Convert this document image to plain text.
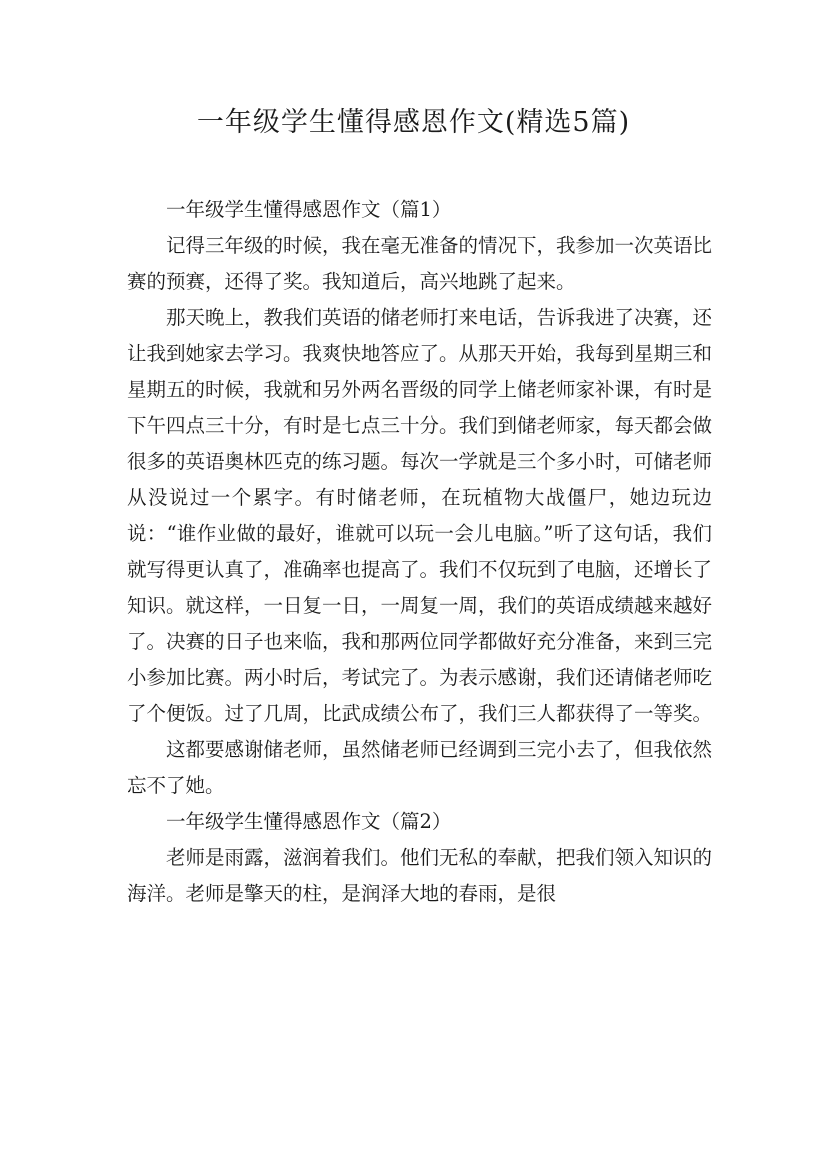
一年级学生懂得感恩作文(精选5篇)

一年级学生懂得感恩作文（篇1）

记得三年级的时候，我在毫无准备的情况下，我参加一次英语比赛的预赛，还得了奖。我知道后，高兴地跳了起来。

那天晚上，教我们英语的储老师打来电话，告诉我进了决赛，还让我到她家去学习。我爽快地答应了。从那天开始，我每到星期三和星期五的时候，我就和另外两名晋级的同学上储老师家补课，有时是下午四点三十分，有时是七点三十分。我们到储老师家，每天都会做很多的英语奥林匹克的练习题。每次一学就是三个多小时，可储老师从没说过一个累字。有时储老师，在玩植物大战僵尸，她边玩边说：“谁作业做的最好，谁就可以玩一会儿电脑。”听了这句话，我们就写得更认真了，准确率也提高了。我们不仅玩到了电脑，还增长了知识。就这样，一日复一日，一周复一周，我们的英语成绩越来越好了。决赛的日子也来临，我和那两位同学都做好充分准备，来到三完小参加比赛。两小时后，考试完了。为表示感谢，我们还请储老师吃了个便饭。过了几周，比武成绩公布了，我们三人都获得了一等奖。

这都要感谢储老师，虽然储老师已经调到三完小去了，但我依然忘不了她。

一年级学生懂得感恩作文（篇2）

老师是雨露，滋润着我们。他们无私的奉献，把我们领入知识的海洋。老师是擎天的柱，是润泽大地的春雨，是很
